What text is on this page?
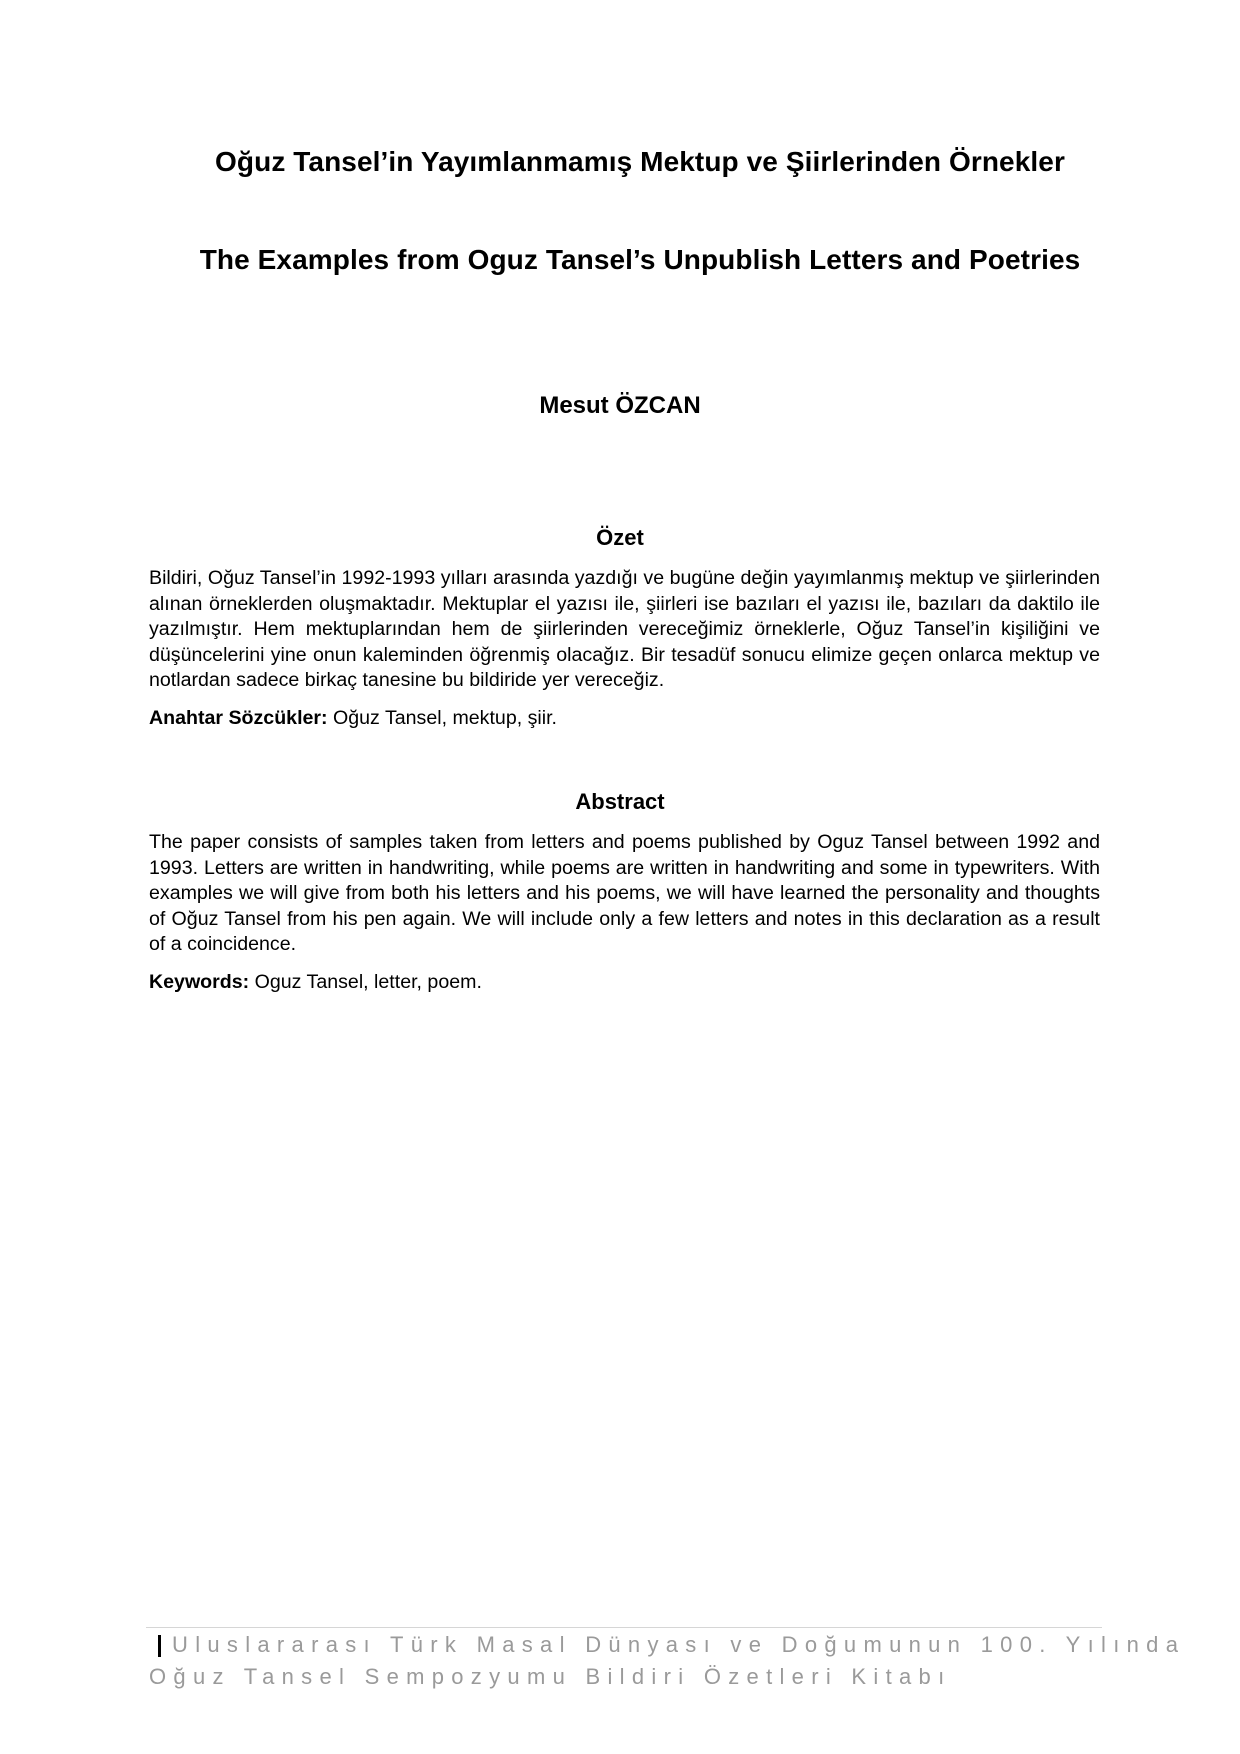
Oğuz Tansel’in Yayımlanmamış Mektup ve Şiirlerinden Örnekler
The Examples from Oguz Tansel’s Unpublish Letters and Poetries
Mesut ÖZCAN
Özet
Bildiri, Oğuz Tansel’in 1992-1993 yılları arasında yazdığı ve bugüne değin yayımlanmış mektup ve şiirlerinden alınan örneklerden oluşmaktadır. Mektuplar el yazısı ile, şiirleri ise bazıları el yazısı ile, bazıları da daktilo ile yazılmıştır. Hem mektuplarından hem de şiirlerinden vereceğimiz örneklerle, Oğuz Tansel’in kişiliğini ve düşüncelerini yine onun kaleminden öğrenmiş olacağız. Bir tesadüf sonucu elimize geçen onlarca mektup ve notlardan sadece birkaç tanesine bu bildiride yer vereceğiz.
Anahtar Sözcükler: Oğuz Tansel, mektup, şiir.
Abstract
The paper consists of samples taken from letters and poems published by Oguz Tansel between 1992 and 1993. Letters are written in handwriting, while poems are written in handwriting and some in typewriters. With examples we will give from both his letters and his poems, we will have learned the personality and thoughts of Oğuz Tansel from his pen again. We will include only a few letters and notes in this declaration as a result of a coincidence.
Keywords: Oguz Tansel, letter, poem.
Uluslararası Türk Masal Dünyası ve Doğumunun 100. Yılında
Oğuz Tansel Sempozyumu Bildiri Özetleri Kitabı
